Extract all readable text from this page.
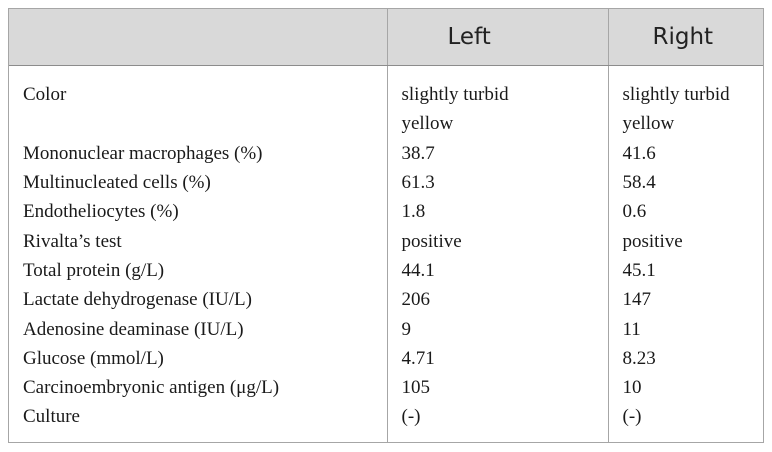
	Left	Right
Color	slightly turbid yellow	slightly turbid yellow
Mononuclear macrophages (%)	38.7	41.6
Multinucleated cells (%)	61.3	58.4
Endotheliocytes (%)	1.8	0.6
Rivalta’s test	positive	positive
Total protein (g/L)	44.1	45.1
Lactate dehydrogenase (IU/L)	206	147
Adenosine deaminase (IU/L)	9	11
Glucose (mmol/L)	4.71	8.23
Carcinoembryonic antigen (μg/L)	105	10
Culture	(-)	(-)
